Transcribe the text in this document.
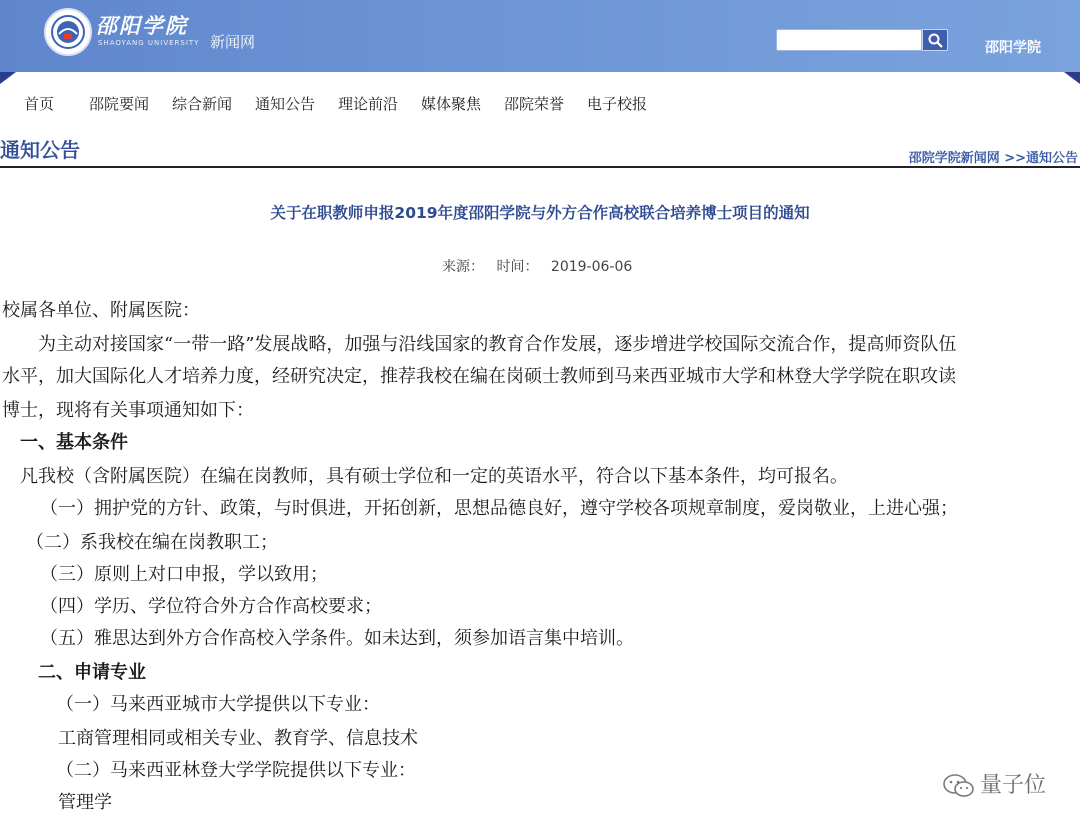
邵阳学院
SHAOYANG UNIVERSITY 新闻网	邵阳学院
首页 邵院要闻 综合新闻 通知公告 理论前沿 媒体聚焦 邵院荣誉 电子校报
通知公告	邵院学院新闻网 >>通知公告
关于在职教师申报2019年度邵阳学院与外方合作高校联合培养博士项目的通知
来源： 时间： 2019-06-06
校属各单位、附属医院：
为主动对接国家“一带一路”发展战略，加强与沿线国家的教育合作发展，逐步增进学校国际交流合作，提高师资队伍
水平，加大国际化人才培养力度，经研究决定，推荐我校在编在岗硕士教师到马来西亚城市大学和林登大学学院在职攻读
博士，现将有关事项通知如下：
一、基本条件
凡我校（含附属医院）在编在岗教师，具有硕士学位和一定的英语水平，符合以下基本条件，均可报名。
（一）拥护党的方针、政策，与时俱进，开拓创新，思想品德良好，遵守学校各项规章制度，爱岗敬业，上进心强；
（二）系我校在编在岗教职工；
（三）原则上对口申报，学以致用；
（四）学历、学位符合外方合作高校要求；
（五）雅思达到外方合作高校入学条件。如未达到，须参加语言集中培训。
二、申请专业
（一）马来西亚城市大学提供以下专业：
工商管理相同或相关专业、教育学、信息技术
（二）马来西亚林登大学学院提供以下专业：
管理学
量子位
